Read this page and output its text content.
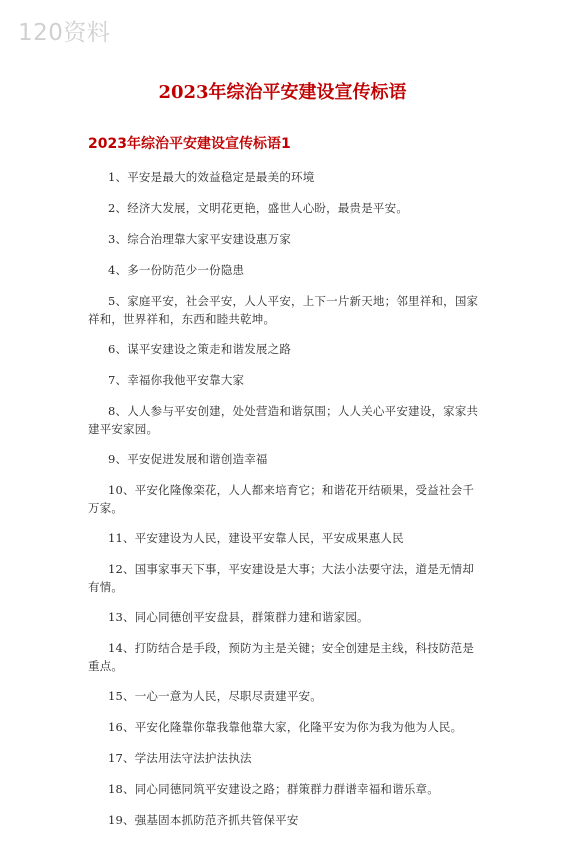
120资料
2023年综治平安建设宣传标语
2023年综治平安建设宣传标语1
1、平安是最大的效益稳定是最美的环境
2、经济大发展，文明花更艳，盛世人心盼，最贵是平安。
3、综合治理靠大家平安建设惠万家
4、多一份防范少一份隐患
5、家庭平安，社会平安，人人平安，上下一片新天地；邻里祥和，国家祥和，世界祥和，东西和睦共乾坤。
6、谋平安建设之策走和谐发展之路
7、幸福你我他平安靠大家
8、人人参与平安创建，处处营造和谐氛围；人人关心平安建设，家家共建平安家园。
9、平安促进发展和谐创造幸福
10、平安化隆像栾花，人人都来培育它；和谐花开结硕果，受益社会千万家。
11、平安建设为人民，建设平安靠人民，平安成果惠人民
12、国事家事天下事，平安建设是大事；大法小法要守法，道是无情却有情。
13、同心同德创平安盘县，群策群力建和谐家园。
14、打防结合是手段，预防为主是关键；安全创建是主线，科技防范是重点。
15、一心一意为人民，尽职尽责建平安。
16、平安化隆靠你靠我靠他靠大家，化隆平安为你为我为他为人民。
17、学法用法守法护法执法
18、同心同德同筑平安建设之路；群策群力群谱幸福和谐乐章。
19、强基固本抓防范齐抓共管保平安
